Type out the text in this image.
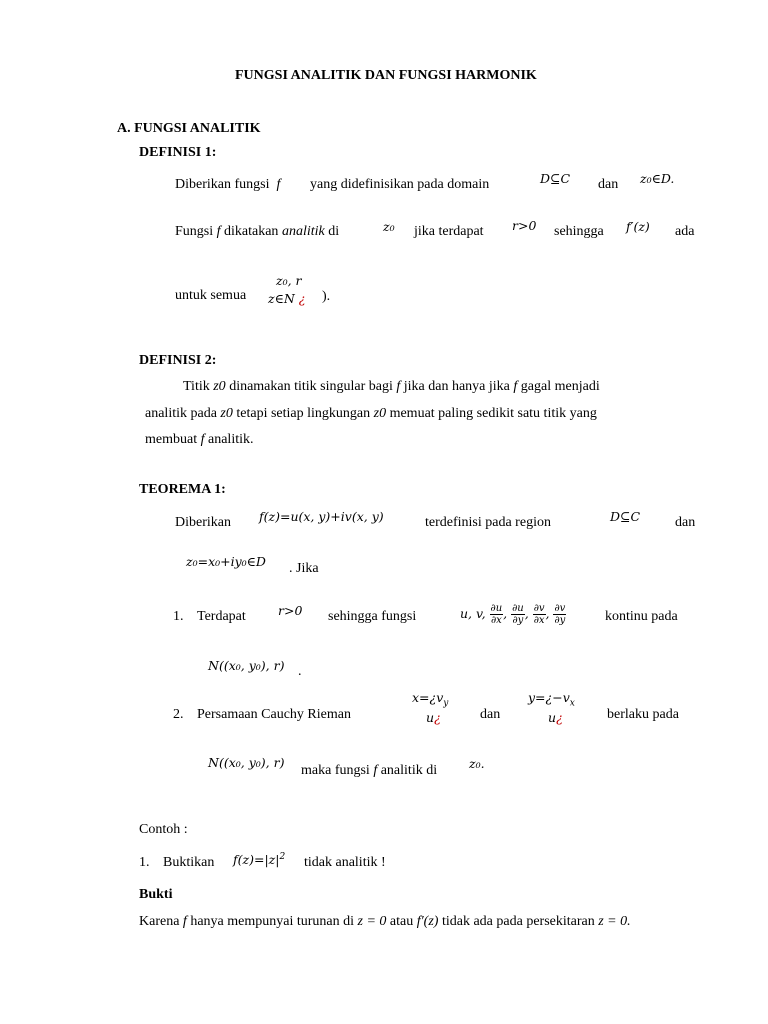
FUNGSI ANALITIK DAN FUNGSI HARMONIK
A. FUNGSI ANALITIK
DEFINISI 1:
Diberikan fungsi f yang didefinisikan pada domain	D⊆C dan z₀∈D.
Fungsi f dikatakan analitik di	z₀ jika terdapat r>0 sehingga f′(z) ada
untuk semua
z₀, r
z∈N ¿ ).
DEFINISI 2:
Titik z0 dinamakan titik singular bagi f jika dan hanya jika f gagal menjadi
analitik pada z0 tetapi setiap lingkungan z0 memuat paling sedikit satu titik yang
membuat f analitik.
TEOREMA 1:
Diberikan f(z)=u(x, y)+iv(x, y)	terdefinisi pada region	D⊆C dan
z₀=x₀+iy₀∈D . Jika
1. Terdapat	r>0 sehingga fungsi	u, v, $\frac{\partial u}{\partial x}$ , $\frac{\partial u}{\partial y}$ , $\frac{\partial v}{\partial x}$ , $\frac{\partial v}{\partial y}$	kontinu pada
N((x₀, y₀), r) .
2. Persamaan Cauchy Rieman
$x=¿v_y$
u¿	dan
$y=¿-v_x$
u¿	berlaku pada
N((x₀, y₀), r)
maka fungsi f analitik di	z₀.
Contoh :
1. Buktikan $f(z)=|z|^2$ tidak analitik !
Bukti
Karena f hanya mempunyai turunan di z = 0 atau f′(z) tidak ada pada persekitaran z = 0.
